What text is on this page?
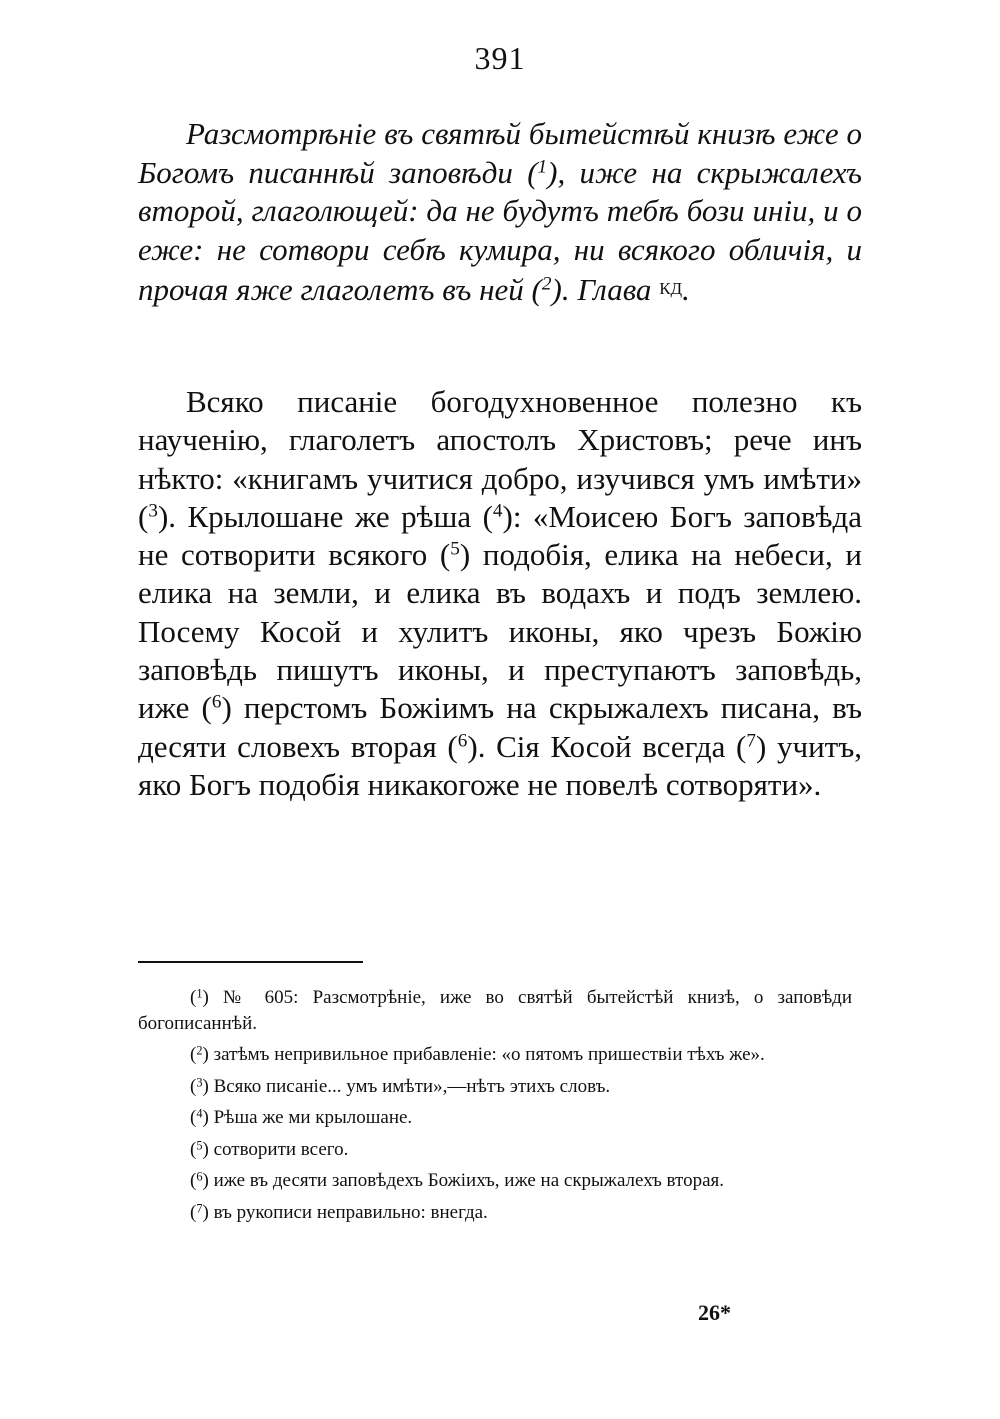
391
Разсмотрѣніе въ святѣй бытейстѣй книзѣ еже о Богомъ писаннѣй заповѣди ($^1$), иже на скрыжалехъ второй, глаголющей: да не будутъ тебѣ бози иніи, и о еже: не сотвори себѣ кумира, ни всякого обличія, и прочая яже глаголетъ въ ней ($^2$). Глава КД.
Всяко писаніе богодухновенное полезно къ наученію, глаголетъ апостолъ Христовъ; рече инъ нѣкто: «книгамъ учитися добро, изучився умъ имѣти» ($^3$). Крылошане же рѣша ($^4$): «Моисею Богъ заповѣда не сотворити всякого ($^5$) подобія, елика на небеси, и елика на земли, и елика въ водахъ и подъ землею. Посему Косой и хулитъ иконы, яко чрезъ Божію заповѣдь пишутъ иконы, и преступаютъ заповѣдь, иже ($^6$) перстомъ Божіимъ на скрыжалехъ писана, въ десяти словехъ вторая ($^6$). Сія Косой всегда ($^7$) учитъ, яко Богъ подобія никакогоже не повелѣ сотворяти».

($^1$) № 605: Разсмотрѣніе, иже во святѣй бытейстѣй книзѣ, о заповѣди богописаннѣй.

($^2$) затѣмъ непривильное прибавленіе: «о пятомъ пришествіи тѣхъ же».

($^3$) Всяко писаніе... умъ имѣти»,—нѣтъ этихъ словъ.

($^4$) Рѣша же ми крылошане.

($^5$) сотворити всего.

($^6$) иже въ десяти заповѣдехъ Божіихъ, иже на скрыжалехъ вторая.

($^7$) въ рукописи неправильно: внегда.

26*
